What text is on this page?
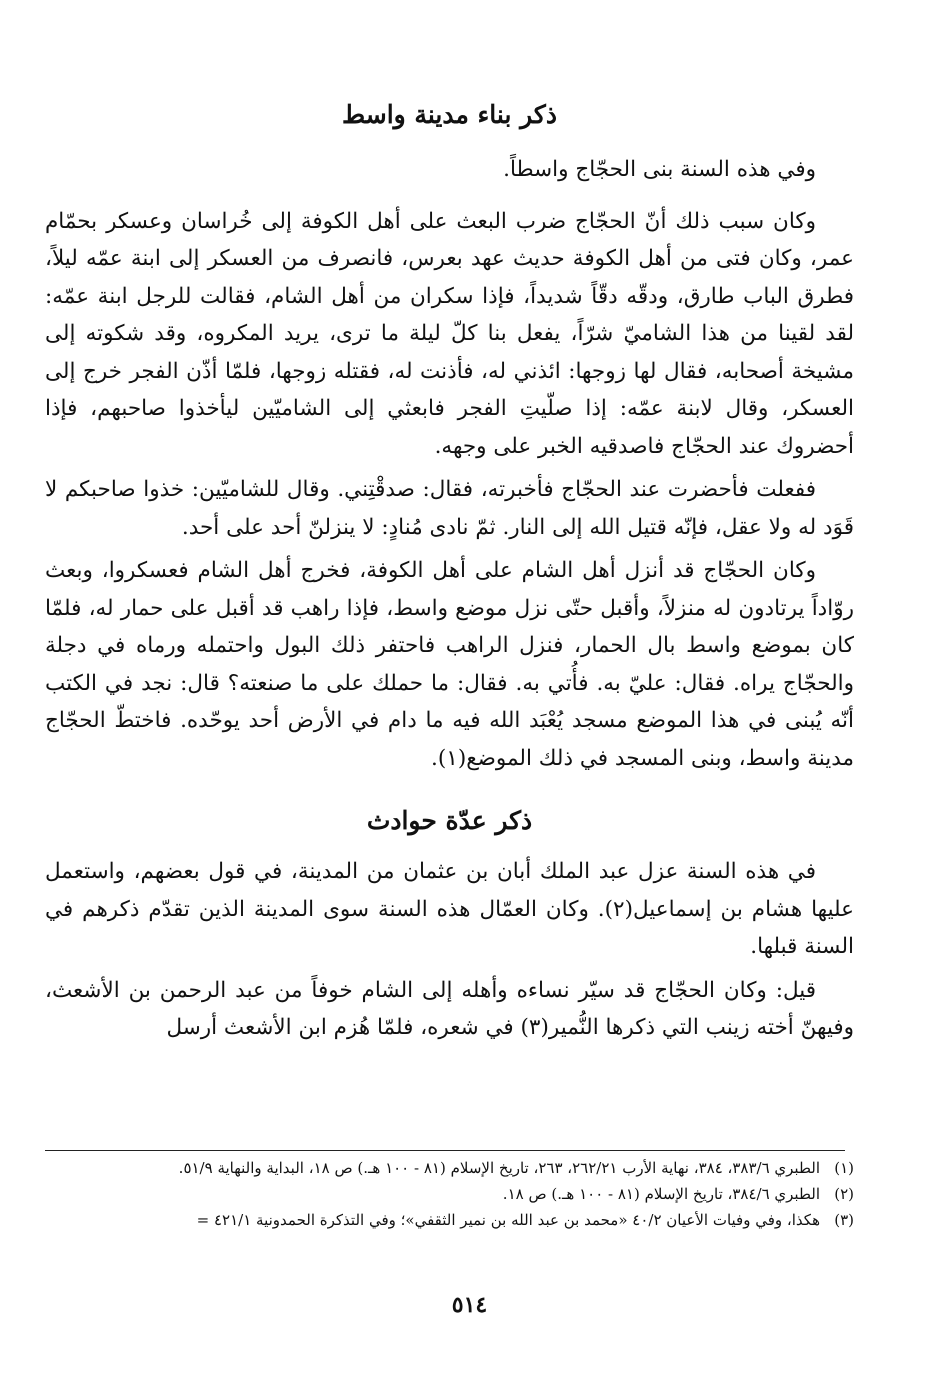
ذكر بناء مدينة واسط

وفي هذه السنة بنى الحجّاج واسطاً.

وكان سبب ذلك أنّ الحجّاج ضرب البعث على أهل الكوفة إلى خُراسان وعسكر بحمّام عمر، وكان فتى من أهل الكوفة حديث عهد بعرس، فانصرف من العسكر إلى ابنة عمّه ليلاً، فطرق الباب طارق، ودقّه دقّاً شديداً، فإذا سكران من أهل الشام، فقالت للرجل ابنة عمّه: لقد لقينا من هذا الشاميّ شرّاً، يفعل بنا كلّ ليلة ما ترى، يريد المكروه، وقد شكوته إلى مشيخة أصحابه، فقال لها زوجها: ائذني له، فأذنت له، فقتله زوجها، فلمّا أذّن الفجر خرج إلى العسكر، وقال لابنة عمّه: إذا صلّيتِ الفجر فابعثي إلى الشاميّين ليأخذوا صاحبهم، فإذا أحضروك عند الحجّاج فاصدقيه الخبر على وجهه.

ففعلت فأحضرت عند الحجّاج فأخبرته، فقال: صدقْتِني. وقال للشاميّين: خذوا صاحبكم لا قَوَد له ولا عقل، فإنّه قتيل الله إلى النار. ثمّ نادى مُنادٍ: لا ينزلنّ أحد على أحد.

وكان الحجّاج قد أنزل أهل الشام على أهل الكوفة، فخرج أهل الشام فعسكروا، وبعث روّاداً يرتادون له منزلاً، وأقبل حتّى نزل موضع واسط، فإذا راهب قد أقبل على حمار له، فلمّا كان بموضع واسط بال الحمار، فنزل الراهب فاحتفر ذلك البول واحتمله ورماه في دجلة والحجّاج يراه. فقال: عليّ به. فأُتي به. فقال: ما حملك على ما صنعته؟ قال: نجد في الكتب أنّه يُبنى في هذا الموضع مسجد يُعْبَد الله فيه ما دام في الأرض أحد يوحّده. فاختطّ الحجّاج مدينة واسط، وبنى المسجد في ذلك الموضع(١).

ذكر عدّة حوادث

في هذه السنة عزل عبد الملك أبان بن عثمان من المدينة، في قول بعضهم، واستعمل عليها هشام بن إسماعيل(٢). وكان العمّال هذه السنة سوى المدينة الذين تقدّم ذكرهم في السنة قبلها.

قيل: وكان الحجّاج قد سيّر نساءه وأهله إلى الشام خوفاً من عبد الرحمن بن الأشعث، وفيهنّ أخته زينب التي ذكرها النُّمير(٣) في شعره، فلمّا هُزم ابن الأشعث أرسل

(١)
الطبري ٣٨٣/٦، ٣٨٤، نهاية الأرب ٢٦٢/٢١، ٢٦٣، تاريخ الإسلام (٨١ - ١٠٠ هـ.) ص ١٨، البداية والنهاية ٥١/٩.
(٢)
الطبري ٣٨٤/٦، تاريخ الإسلام (٨١ - ١٠٠ هـ.) ص ١٨.
(٣)
هكذا، وفي وفيات الأعيان ٤٠/٢ «محمد بن عبد الله بن نمير الثقفي»؛ وفي التذكرة الحمدونية ٤٢١/١ =
٥١٤
